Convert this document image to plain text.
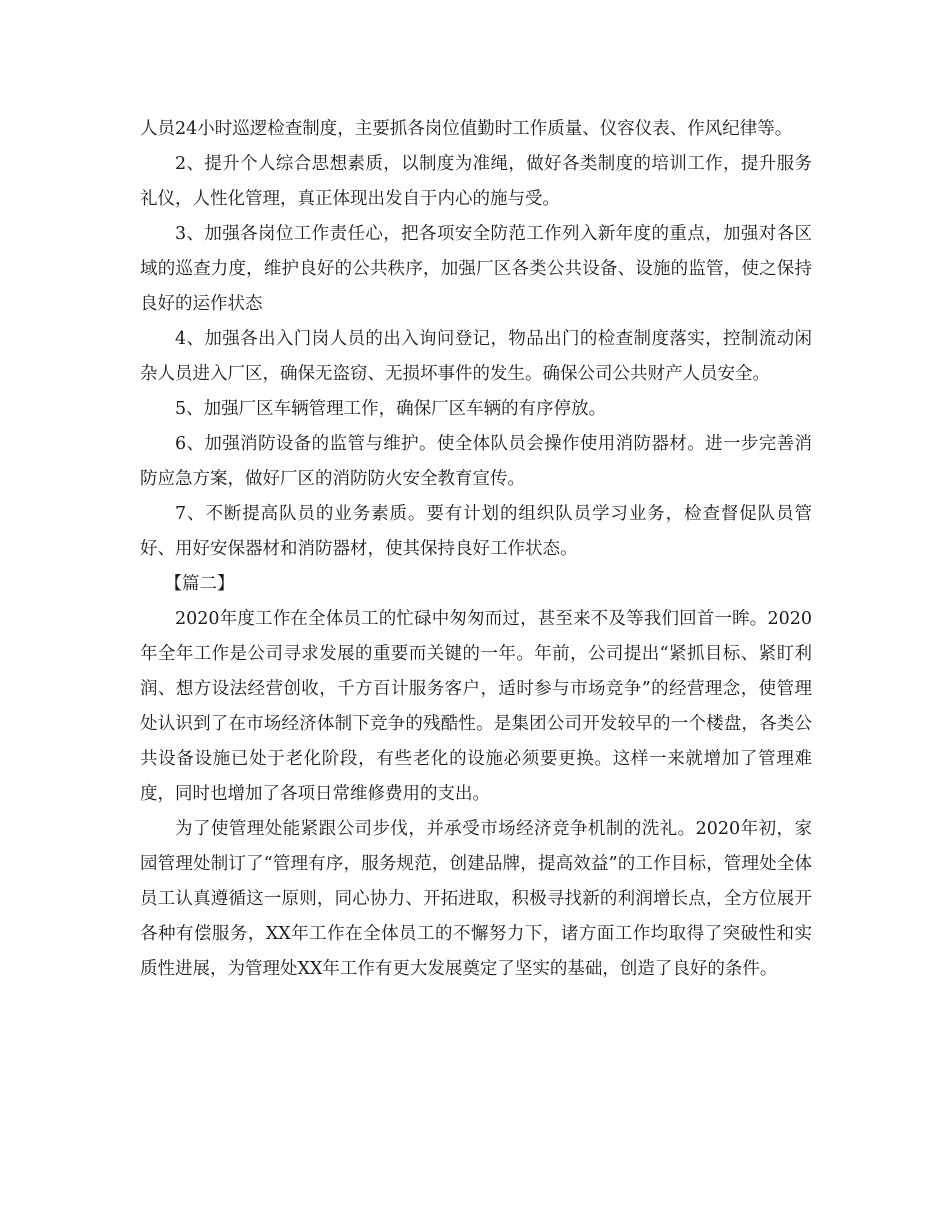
人员24小时巡逻检查制度，主要抓各岗位值勤时工作质量、仪容仪表、作风纪律等。

2、提升个人综合思想素质，以制度为准绳，做好各类制度的培训工作，提升服务礼仪，人性化管理，真正体现出发自于内心的施与受。

3、加强各岗位工作责任心，把各项安全防范工作列入新年度的重点，加强对各区域的巡查力度，维护良好的公共秩序，加强厂区各类公共设备、设施的监管，使之保持良好的运作状态

4、加强各出入门岗人员的出入询问登记，物品出门的检查制度落实，控制流动闲杂人员进入厂区，确保无盗窃、无损坏事件的发生。确保公司公共财产人员安全。

5、加强厂区车辆管理工作，确保厂区车辆的有序停放。

6、加强消防设备的监管与维护。使全体队员会操作使用消防器材。进一步完善消防应急方案，做好厂区的消防防火安全教育宣传。

7、不断提高队员的业务素质。要有计划的组织队员学习业务，检查督促队员管好、用好安保器材和消防器材，使其保持良好工作状态。

【篇二】

2020年度工作在全体员工的忙碌中匆匆而过，甚至来不及等我们回首一眸。2020年全年工作是公司寻求发展的重要而关键的一年。年前，公司提出“紧抓目标、紧盯利润、想方设法经营创收，千方百计服务客户，适时参与市场竞争”的经营理念，使管理处认识到了在市场经济体制下竞争的残酷性。是集团公司开发较早的一个楼盘，各类公共设备设施已处于老化阶段，有些老化的设施必须要更换。这样一来就增加了管理难度，同时也增加了各项日常维修费用的支出。

为了使管理处能紧跟公司步伐，并承受市场经济竞争机制的洗礼。2020年初，家园管理处制订了“管理有序，服务规范，创建品牌，提高效益”的工作目标，管理处全体员工认真遵循这一原则，同心协力、开拓进取，积极寻找新的利润增长点，全方位展开各种有偿服务，XX年工作在全体员工的不懈努力下，诸方面工作均取得了突破性和实质性进展，为管理处XX年工作有更大发展奠定了坚实的基础，创造了良好的条件。
